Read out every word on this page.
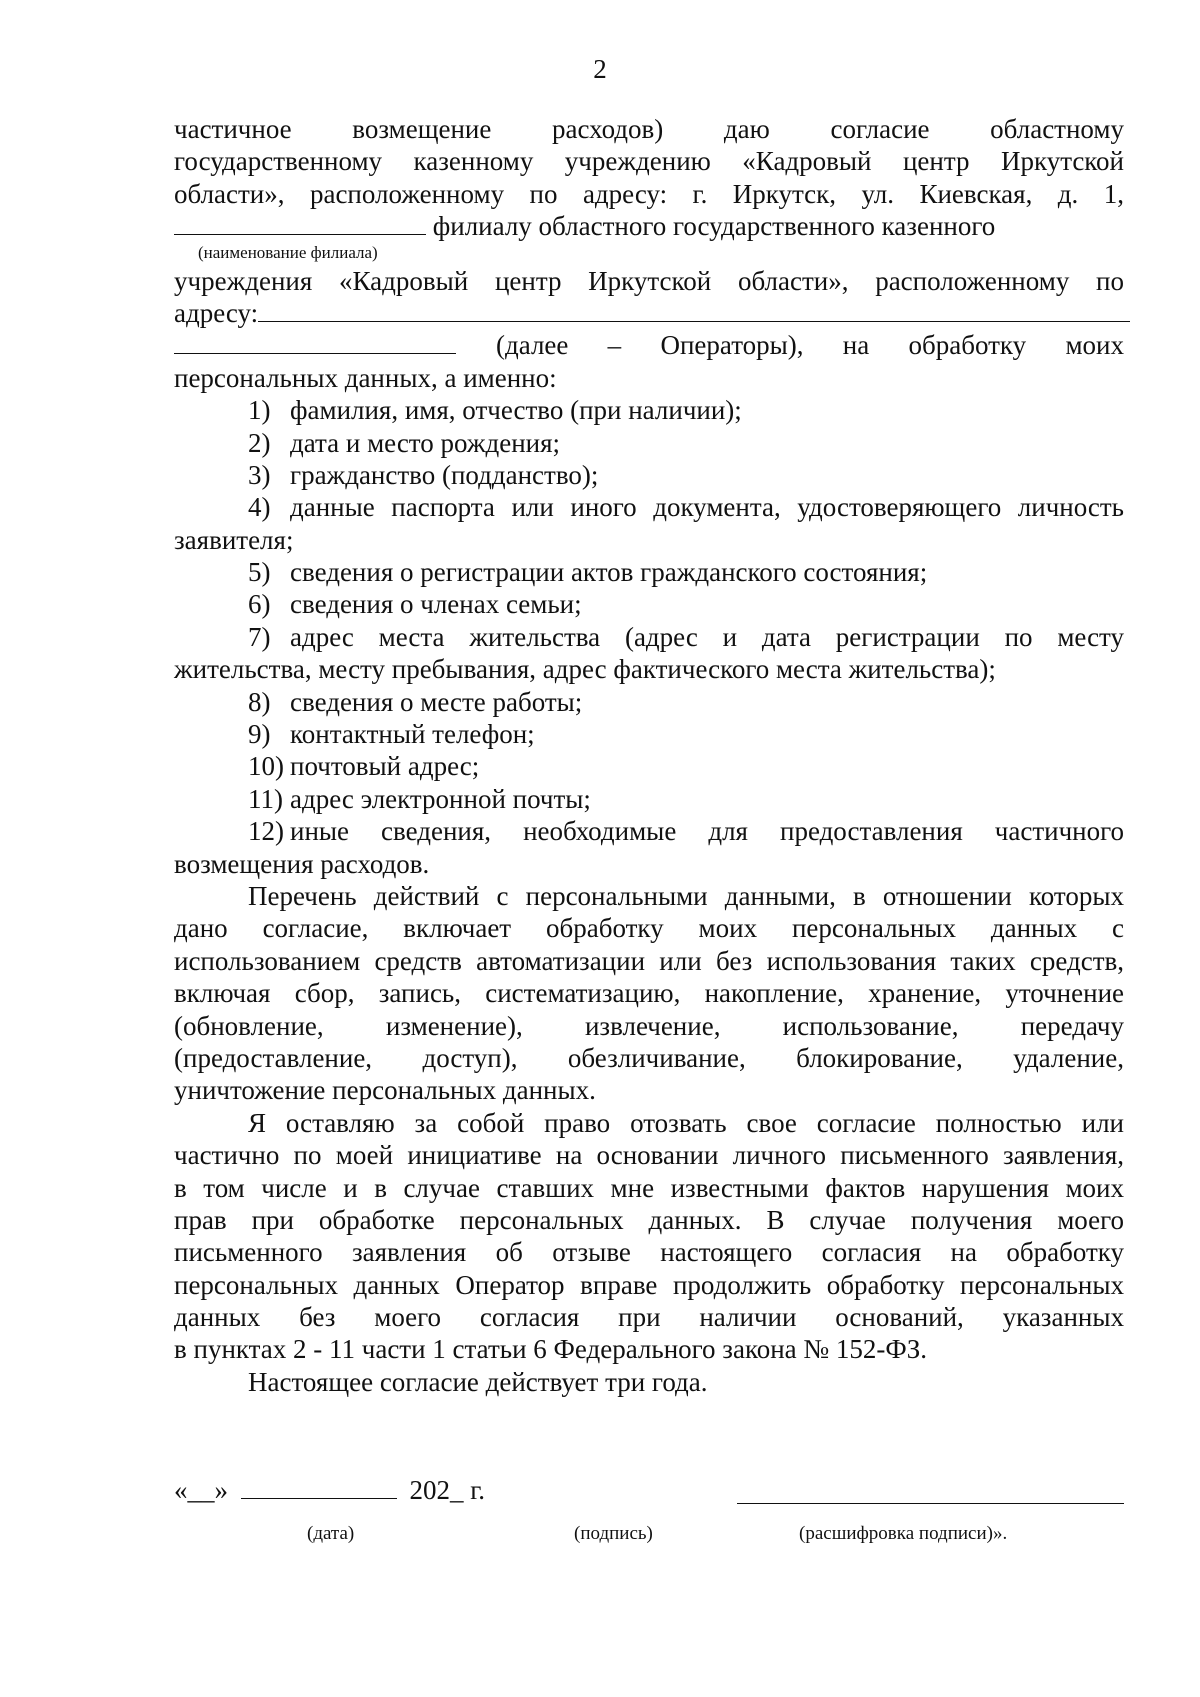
2
частичное возмещение расходов) даю согласие областному
государственному казенному учреждению «Кадровый центр Иркутской
области», расположенному по адресу: г. Иркутск, ул. Киевская, д. 1,
филиалу областного государственного казенного
(наименование филиала)
учреждения «Кадровый центр Иркутской области», расположенному по
адресу:
(далее – Операторы), на обработку моих
персональных данных, а именно:
1) фамилия, имя, отчество (при наличии);
2) дата и место рождения;
3) гражданство (подданство);
4) данные паспорта или иного документа, удостоверяющего личность
заявителя;
5) сведения о регистрации актов гражданского состояния;
6) сведения о членах семьи;
7) адрес места жительства (адрес и дата регистрации по месту
жительства, месту пребывания, адрес фактического места жительства);
8) сведения о месте работы;
9) контактный телефон;
10) почтовый адрес;
11) адрес электронной почты;
12) иные сведения, необходимые для предоставления частичного
возмещения расходов.
Перечень действий с персональными данными, в отношении которых
дано согласие, включает обработку моих персональных данных с
использованием средств автоматизации или без использования таких средств,
включая сбор, запись, систематизацию, накопление, хранение, уточнение
(обновление, изменение), извлечение, использование, передачу
(предоставление, доступ), обезличивание, блокирование, удаление,
уничтожение персональных данных.
Я оставляю за собой право отозвать свое согласие полностью или
частично по моей инициативе на основании личного письменного заявления,
в том числе и в случае ставших мне известными фактов нарушения моих
прав при обработке персональных данных. В случае получения моего
письменного заявления об отзыве настоящего согласия на обработку
персональных данных Оператор вправе продолжить обработку персональных
данных без моего согласия при наличии оснований, указанных
в пунктах 2 - 11 части 1 статьи 6 Федерального закона № 152-ФЗ.
Настоящее согласие действует три года.
«__»	202_ г.
(дата)	(подпись)	(расшифровка подписи)».
